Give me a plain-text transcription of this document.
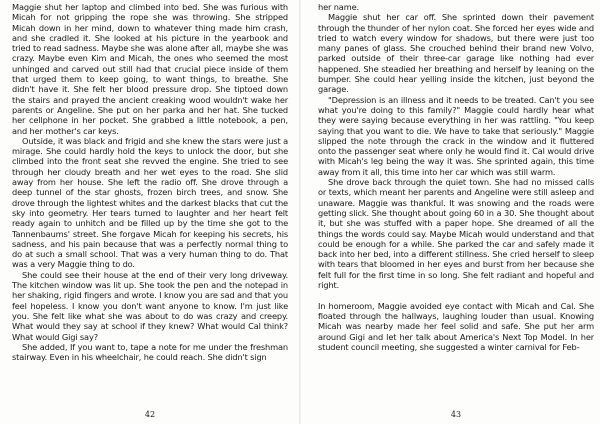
Maggie shut her laptop and climbed into bed. She was furious with Micah for not gripping the rope she was throwing. She stripped Micah down in her mind, down to whatever thing made him crash, and she cradled it. She looked at his picture in the yearbook and tried to read sadness. Maybe she was alone after all, maybe she was crazy. Maybe even Kim and Micah, the ones who seemed the most unhinged and carved out still had that crucial piece inside of them that urged them to keep going, to want things, to breathe. She didn't have it. She felt her blood pressure drop. She tiptoed down the stairs and prayed the ancient creaking wood wouldn't wake her parents or Angeline. She put on her parka and her hat. She tucked her cellphone in her pocket. She grabbed a little notebook, a pen, and her mother's car keys.

Outside, it was black and frigid and she knew the stars were just a mirage. She could hardly hold the keys to unlock the door, but she climbed into the front seat she revved the engine. She tried to see through her cloudy breath and her wet eyes to the road. She slid away from her house. She left the radio off. She drove through a deep tunnel of the star ghosts, frozen birch trees, and snow. She drove through the lightest whites and the darkest blacks that cut the sky into geometry. Her tears turned to laughter and her heart felt ready again to unhitch and be filled up by the time she got to the Tannenbaums' street. She forgave Micah for keeping his secrets, his sadness, and his pain because that was a perfectly normal thing to do at such a small school. That was a very human thing to do. That was a very Maggie thing to do.

She could see their house at the end of their very long driveway. The kitchen window was lit up. She took the pen and the notepad in her shaking, rigid fingers and wrote. I know you are sad and that you feel hopeless. I know you don't want anyone to know. I'm just like you. She felt like what she was about to do was crazy and creepy. What would they say at school if they knew? What would Cal think? What would Gigi say?

She added, If you want to, tape a note for me under the freshman stairway. Even in his wheelchair, he could reach. She didn't sign

42

her name.

Maggie shut her car off. She sprinted down their pavement through the thunder of her nylon coat. She forced her eyes wide and tried to watch every window for shadows, but there were just too many panes of glass. She crouched behind their brand new Volvo, parked outside of their three-car garage like nothing had ever happened. She steadied her breathing and herself by leaning on the bumper. She could hear yelling inside the kitchen, just beyond the garage.

"Depression is an illness and it needs to be treated. Can't you see what you're doing to this family?" Maggie could hardly hear what they were saying because everything in her was rattling. "You keep saying that you want to die. We have to take that seriously." Maggie slipped the note through the crack in the window and it fluttered onto the passenger seat where only he would find it. Cal would drive with Micah's leg being the way it was. She sprinted again, this time away from it all, this time into her car which was still warm.

She drove back through the quiet town. She had no missed calls or texts, which meant her parents and Angeline were still asleep and unaware. Maggie was thankful. It was snowing and the roads were getting slick. She thought about going 60 in a 30. She thought about it, but she was stuffed with a paper hope. She dreamed of all the things the words could say. Maybe Micah would understand and that could be enough for a while. She parked the car and safely made it back into her bed, into a different stillness. She cried herself to sleep with tears that bloomed in her eyes and burst from her because she felt full for the first time in so long. She felt radiant and hopeful and right.

In homeroom, Maggie avoided eye contact with Micah and Cal. She floated through the hallways, laughing louder than usual. Knowing Micah was nearby made her feel solid and safe. She put her arm around Gigi and let her talk about America's Next Top Model. In her student council meeting, she suggested a winter carnival for Feb-

43
